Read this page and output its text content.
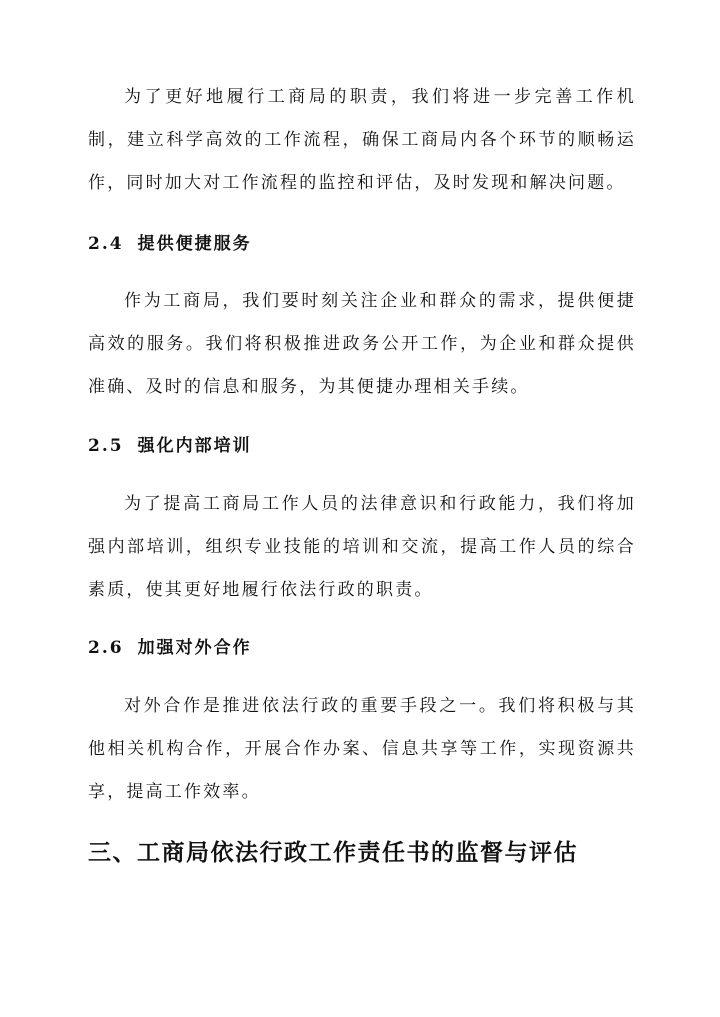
为了更好地履行工商局的职责，我们将进一步完善工作机制，建立科学高效的工作流程，确保工商局内各个环节的顺畅运作，同时加大对工作流程的监控和评估，及时发现和解决问题。

2.4 提供便捷服务

作为工商局，我们要时刻关注企业和群众的需求，提供便捷高效的服务。我们将积极推进政务公开工作，为企业和群众提供准确、及时的信息和服务，为其便捷办理相关手续。

2.5 强化内部培训

为了提高工商局工作人员的法律意识和行政能力，我们将加强内部培训，组织专业技能的培训和交流，提高工作人员的综合素质，使其更好地履行依法行政的职责。

2.6 加强对外合作

对外合作是推进依法行政的重要手段之一。我们将积极与其他相关机构合作，开展合作办案、信息共享等工作，实现资源共享，提高工作效率。

三、工商局依法行政工作责任书的监督与评估
